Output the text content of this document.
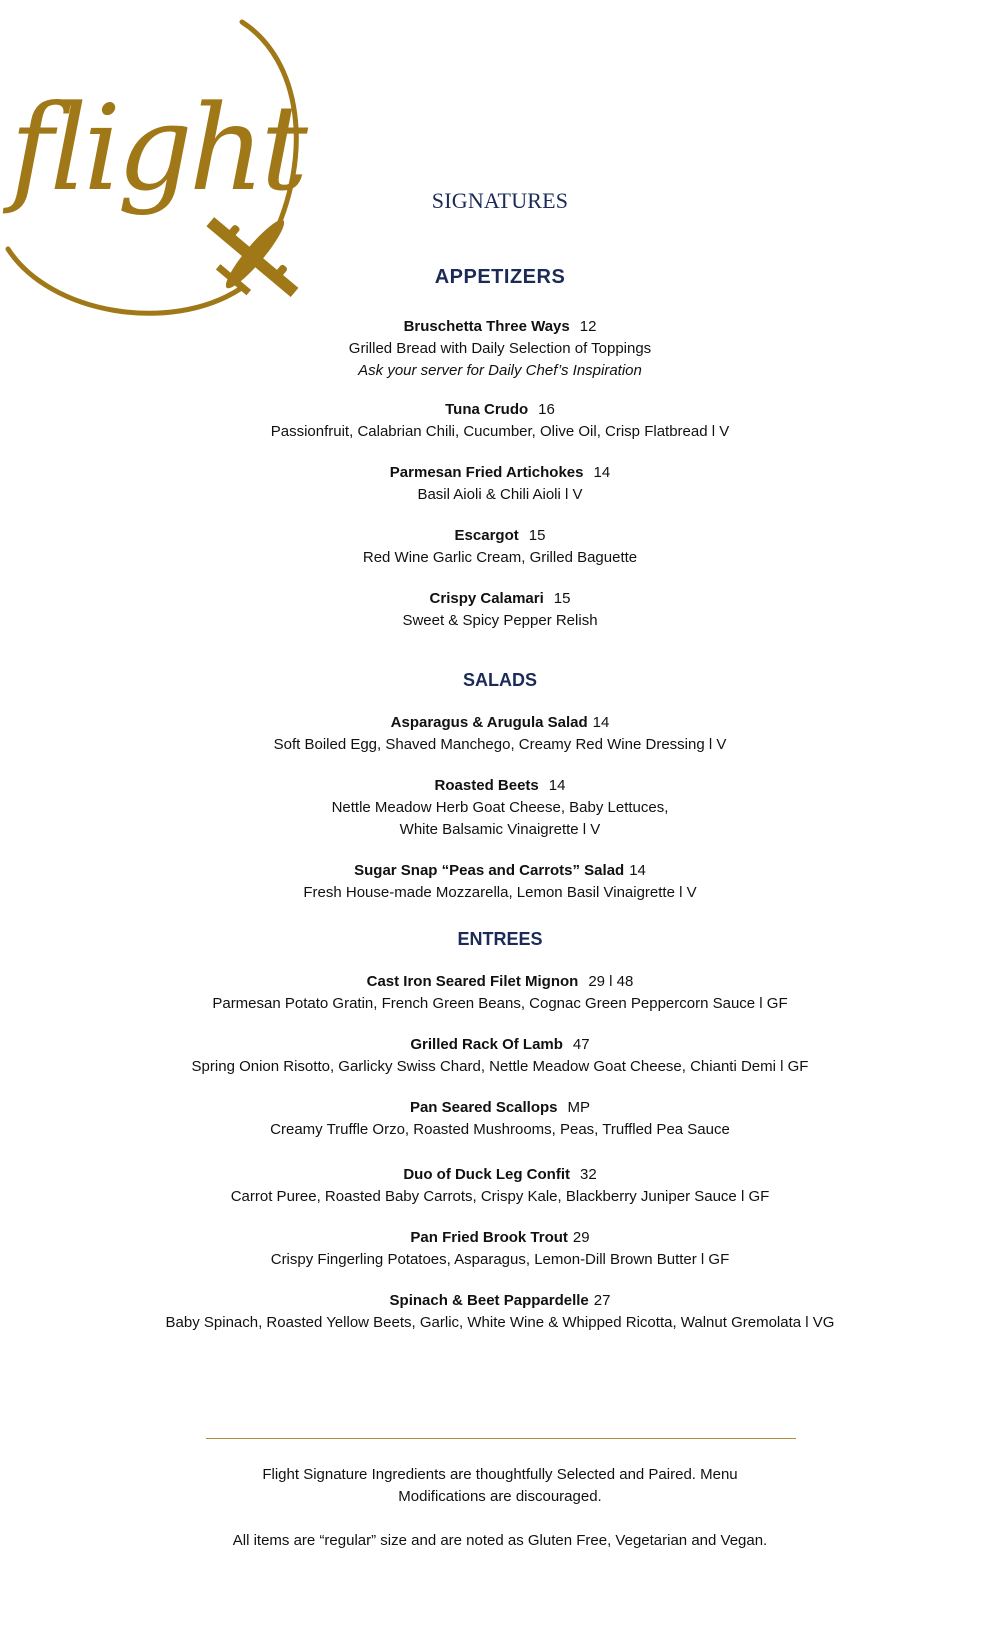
flight	SIGNATURES
APPETIZERS
Bruschetta Three Ways 12
Grilled Bread with Daily Selection of Toppings
Ask your server for Daily Chef’s Inspiration
Tuna Crudo 16
Passionfruit, Calabrian Chili, Cucumber, Olive Oil, Crisp Flatbread l V
Parmesan Fried Artichokes 14
Basil Aioli & Chili Aioli l V
Escargot 15
Red Wine Garlic Cream, Grilled Baguette
Crispy Calamari 15
Sweet & Spicy Pepper Relish
SALADS
Asparagus & Arugula Salad 14
Soft Boiled Egg, Shaved Manchego, Creamy Red Wine Dressing l V
Roasted Beets 14
Nettle Meadow Herb Goat Cheese, Baby Lettuces,
White Balsamic Vinaigrette l V
Sugar Snap “Peas and Carrots” Salad 14
Fresh House-made Mozzarella, Lemon Basil Vinaigrette l V
ENTREES
Cast Iron Seared Filet Mignon 29 l 48
Parmesan Potato Gratin, French Green Beans, Cognac Green Peppercorn Sauce l GF
Grilled Rack Of Lamb 47
Spring Onion Risotto, Garlicky Swiss Chard, Nettle Meadow Goat Cheese, Chianti Demi l GF
Pan Seared Scallops MP
Creamy Truffle Orzo, Roasted Mushrooms, Peas, Truffled Pea Sauce
Duo of Duck Leg Confit 32
Carrot Puree, Roasted Baby Carrots, Crispy Kale, Blackberry Juniper Sauce l GF
Pan Fried Brook Trout 29
Crispy Fingerling Potatoes, Asparagus, Lemon-Dill Brown Butter l GF
Spinach & Beet Pappardelle 27
Baby Spinach, Roasted Yellow Beets, Garlic, White Wine & Whipped Ricotta, Walnut Gremolata l VG
Flight Signature Ingredients are thoughtfully Selected and Paired. Menu
Modifications are discouraged.
All items are “regular” size and are noted as Gluten Free, Vegetarian and Vegan.
